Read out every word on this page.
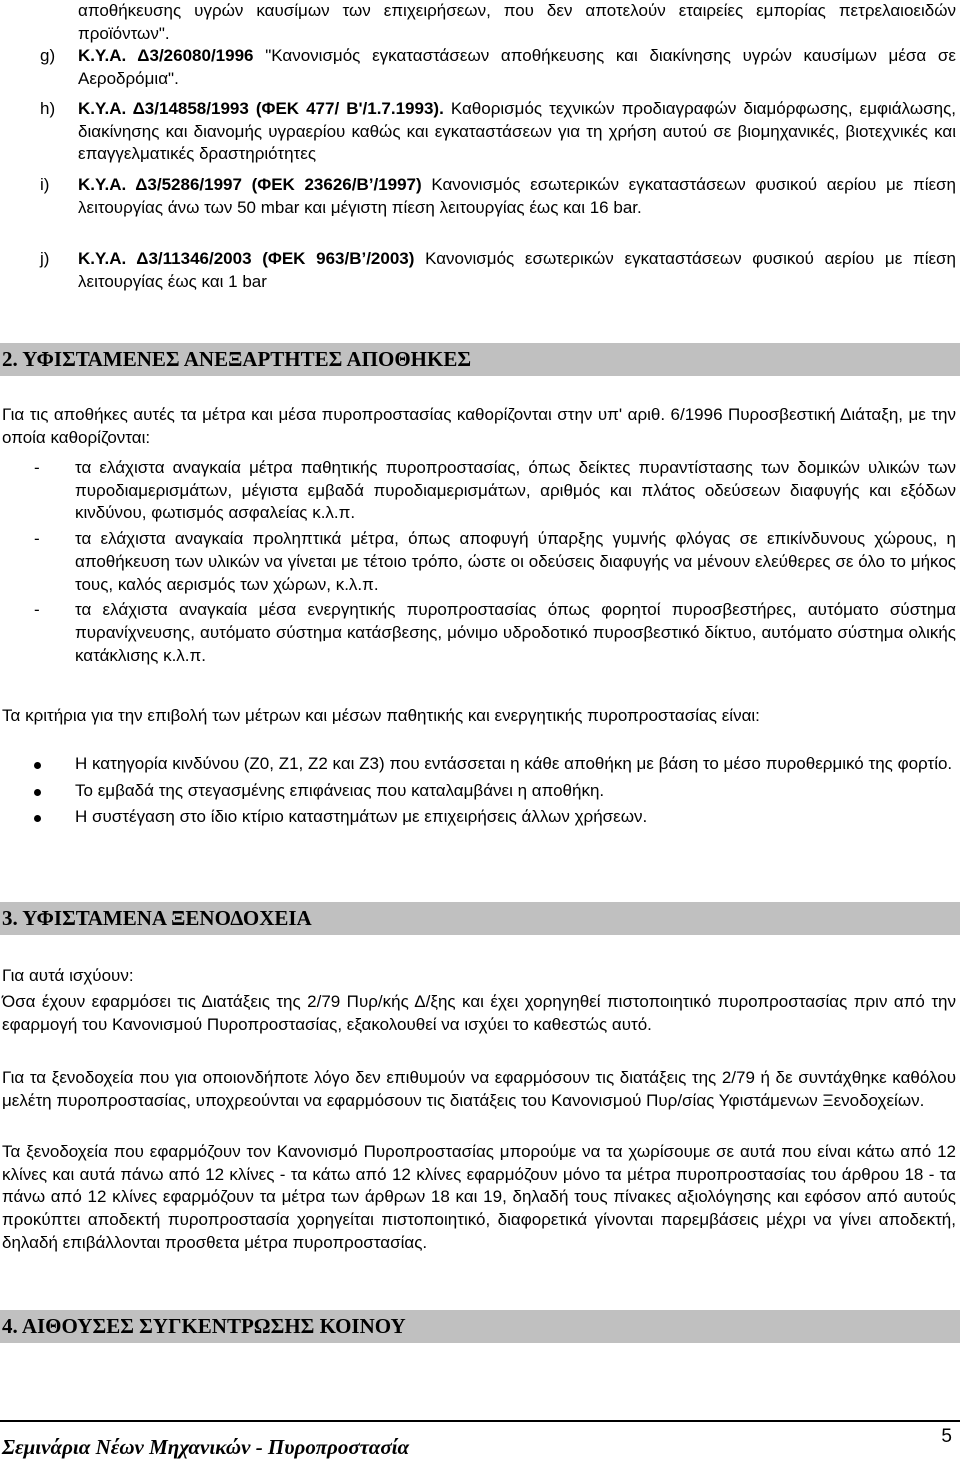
αποθήκευσης υγρών καυσίμων των επιχειρήσεων, που δεν αποτελούν εταιρείες εμπορίας πετρελαιοειδών προϊόντων".
g)	Κ.Υ.Α. Δ3/26080/1996 "Κανονισμός εγκαταστάσεων αποθήκευσης και διακίνησης υγρών καυσίμων μέσα σε Αεροδρόμια".
h)	Κ.Υ.Α. Δ3/14858/1993 (ΦΕΚ 477/ Β'/1.7.1993). Καθορισμός τεχνικών προδιαγραφών διαμόρφωσης, εμφιάλωσης, διακίνησης και διανομής υγραερίου καθώς και εγκαταστάσεων για τη χρήση αυτού σε βιομηχανικές, βιοτεχνικές και επαγγελματικές δραστηριότητες
i)	Κ.Υ.Α. Δ3/5286/1997 (ΦΕΚ 23626/Β’/1997) Κανονισμός εσωτερικών εγκαταστάσεων φυσικού αερίου με πίεση λειτουργίας άνω των 50 mbar και μέγιστη πίεση λειτουργίας έως και 16 bar.
j)	Κ.Υ.Α. Δ3/11346/2003 (ΦΕΚ 963/Β’/2003) Κανονισμός εσωτερικών εγκαταστάσεων φυσικού αερίου με πίεση λειτουργίας έως και 1 bar
2. ΥΦΙΣΤΑΜΕΝΕΣ ΑΝΕΞΑΡΤΗΤΕΣ ΑΠΟΘΗΚΕΣ
Για τις αποθήκες αυτές τα μέτρα και μέσα πυροπροστασίας καθορίζονται στην υπ' αριθ. 6/1996 Πυροσβεστική Διάταξη, με την οποία καθορίζονται:
- τα ελάχιστα αναγκαία μέτρα παθητικής πυροπροστασίας, όπως δείκτες πυραντίστασης των δομικών υλικών των πυροδιαμερισμάτων, μέγιστα εμβαδά πυροδιαμερισμάτων, αριθμός και πλάτος οδεύσεων διαφυγής και εξόδων κινδύνου, φωτισμός ασφαλείας κ.λ.π.
- τα ελάχιστα αναγκαία προληπτικά μέτρα, όπως αποφυγή ύπαρξης γυμνής φλόγας σε επικίνδυνους χώρους, η αποθήκευση των υλικών να γίνεται με τέτοιο τρόπο, ώστε οι οδεύσεις διαφυγής να μένουν ελεύθερες σε όλο το μήκος τους, καλός αερισμός των χώρων, κ.λ.π.
- τα ελάχιστα αναγκαία μέσα ενεργητικής πυροπροστασίας όπως φορητοί πυροσβεστήρες, αυτόματο σύστημα πυρανίχνευσης, αυτόματο σύστημα κατάσβεσης, μόνιμο υδροδοτικό πυροσβεστικό δίκτυο, αυτόματο σύστημα ολικής κατάκλισης κ.λ.π.
Τα κριτήρια για την επιβολή των μέτρων και μέσων παθητικής και ενεργητικής πυροπροστασίας είναι:
Η κατηγορία κινδύνου (Ζ0, Ζ1, Ζ2 και Ζ3) που εντάσσεται η κάθε αποθήκη με βάση το μέσο πυροθερμικό της φορτίο.
Το εμβαδά της στεγασμένης επιφάνειας που καταλαμβάνει η αποθήκη.
Η συστέγαση στο ίδιο κτίριο καταστημάτων με επιχειρήσεις άλλων χρήσεων.
3. ΥΦΙΣΤΑΜΕΝΑ ΞΕΝΟΔΟΧΕΙΑ
Για αυτά ισχύουν:
Όσα έχουν εφαρμόσει τις Διατάξεις της 2/79 Πυρ/κής Δ/ξης και έχει χορηγηθεί πιστοποιητικό πυροπροστασίας πριν από την εφαρμογή του Κανονισμού Πυροπροστασίας, εξακολουθεί να ισχύει το καθεστώς αυτό.
Για τα ξενοδοχεία που για οποιονδήποτε λόγο δεν επιθυμούν να εφαρμόσουν τις διατάξεις της 2/79 ή δε συντάχθηκε καθόλου μελέτη πυροπροστασίας, υποχρεούνται να εφαρμόσουν τις διατάξεις του Κανονισμού Πυρ/σίας Υφιστάμενων Ξενοδοχείων.
Τα ξενοδοχεία που εφαρμόζουν τον Κανονισμό Πυροπροστασίας μπορούμε να τα χωρίσουμε σε αυτά που είναι κάτω από 12 κλίνες και αυτά πάνω από 12 κλίνες - τα κάτω από 12 κλίνες εφαρμόζουν μόνο τα μέτρα πυροπροστασίας του άρθρου 18 - τα πάνω από 12 κλίνες εφαρμόζουν τα μέτρα των άρθρων 18 και 19, δηλαδή τους πίνακες αξιολόγησης και εφόσον από αυτούς προκύπτει αποδεκτή πυροπροστασία χορηγείται πιστοποιητικό, διαφορετικά γίνονται παρεμβάσεις μέχρι να γίνει αποδεκτή, δηλαδή επιβάλλονται προσθετα μέτρα πυροπροστασίας.
4. ΑΙΘΟΥΣΕΣ ΣΥΓΚΕΝΤΡΩΣΗΣ ΚΟΙΝΟΥ
Σεμινάρια Νέων Μηχανικών - Πυροπροστασία	5
